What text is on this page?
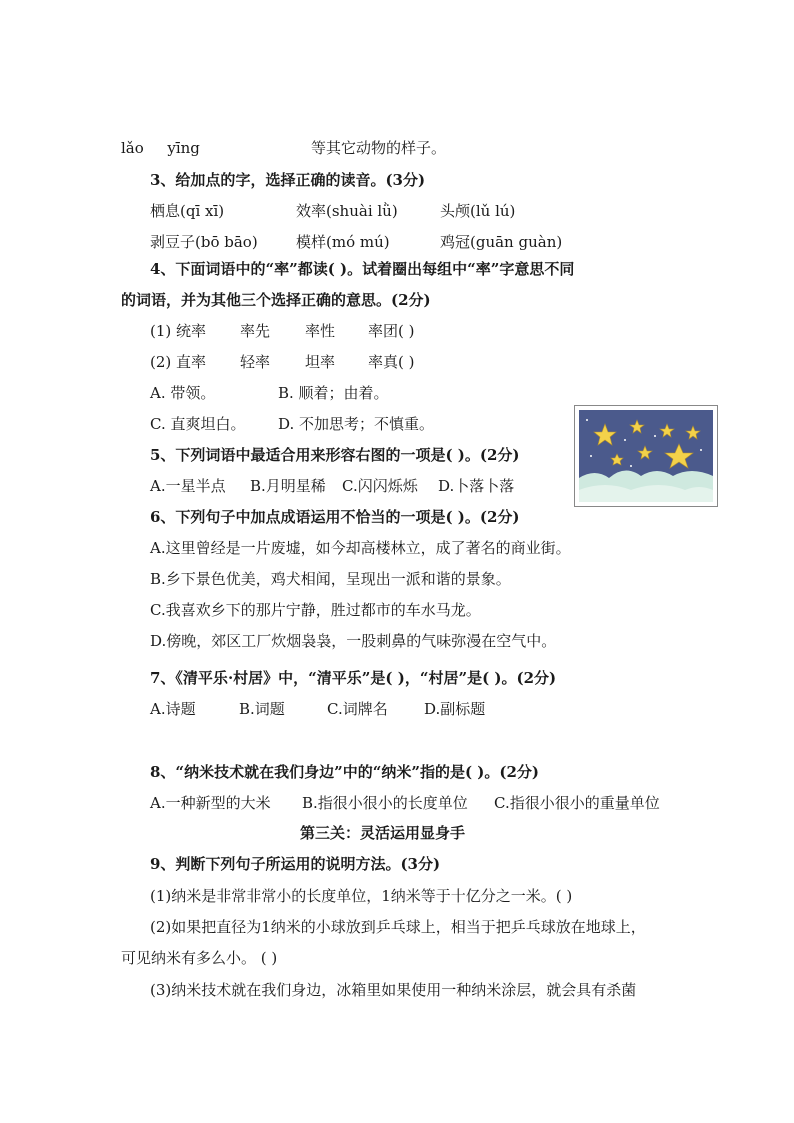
lǎo yīng	等其它动物的样子。
3、给加点的字，选择正确的读音。(3分)
栖息(qī xī)	效率(shuài lǜ)	头颅(lǔ lú)
剥豆子(bō bāo)	模样(mó mú)	鸡冠(guān guàn)
4、下面词语中的“率”都读( )。试着圈出每组中“率”字意思不同
的词语，并为其他三个选择正确的意思。(2分)
(1) 统率 率先 率性 率团( )
(2) 直率 轻率 坦率 率真( )
A. 带领。	B. 顺着；由着。
C. 直爽坦白。 D. 不加思考；不慎重。
5、下列词语中最适合用来形容右图的一项是( )。(2分)
A.一星半点 B.月明星稀 C.闪闪烁烁 D.卜落卜落
6、下列句子中加点成语运用不恰当的一项是( )。(2分)
A.这里曾经是一片废墟，如今却高楼林立，成了著名的商业街。
B.乡下景色优美，鸡犬相闻，呈现出一派和谐的景象。
C.我喜欢乡下的那片宁静，胜过都市的车水马龙。
D.傍晚，郊区工厂炊烟袅袅，一股刺鼻的气味弥漫在空气中。
7、《清平乐·村居》中，“清平乐”是( )，“村居”是( )。(2分)
A.诗题	B.词题	C.词牌名 D.副标题
8、“纳米技术就在我们身边”中的“纳米”指的是( )。(2分)
A.一种新型的大米 B.指很小很小的长度单位 C.指很小很小的重量单位
第三关：灵活运用显身手
9、判断下列句子所运用的说明方法。(3分)
(1)纳米是非常非常小的长度单位，1纳米等于十亿分之一米。( )
(2)如果把直径为1纳米的小球放到乒乓球上，相当于把乒乓球放在地球上，
可见纳米有多么小。 ( )
(3)纳米技术就在我们身边，冰箱里如果使用一种纳米涂层，就会具有杀菌
